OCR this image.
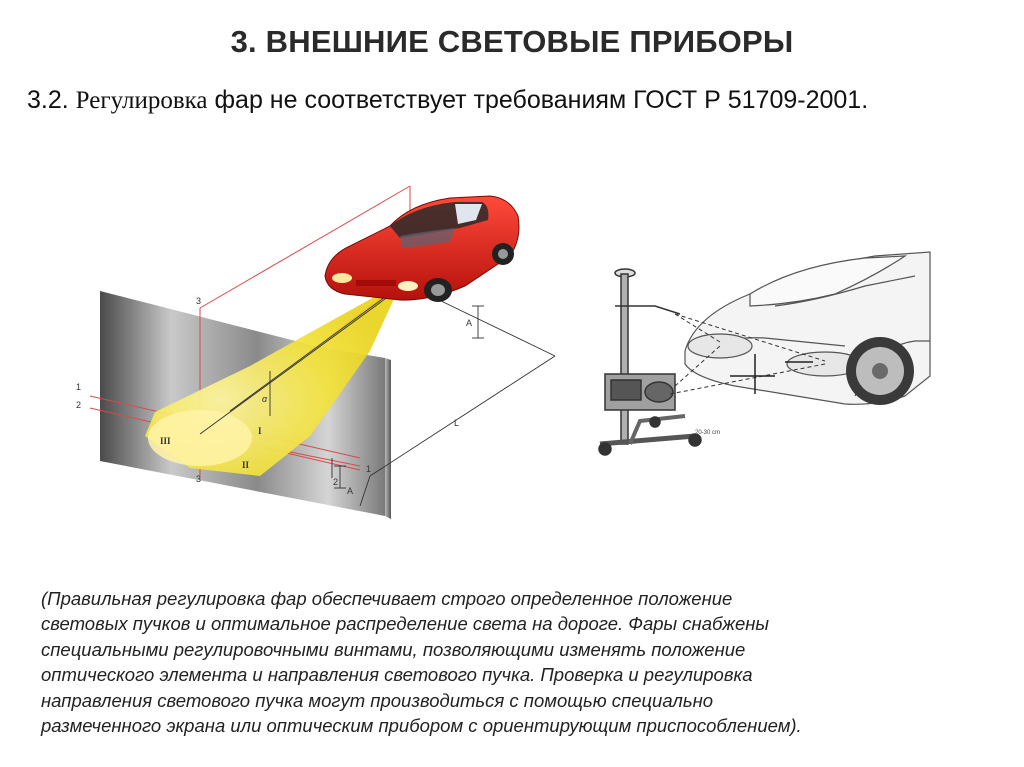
3. ВНЕШНИЕ СВЕТОВЫЕ ПРИБОРЫ
3.2. Регулировка фар не соответствует требованиям ГОСТ Р 51709-2001.
3
3
1
2
A
A
L
2
1
III
II
I
α
20-30 cm
(Правильная регулировка фар обеспечивает строго определенное положение
световых пучков и оптимальное распределение света на дороге. Фары снабжены
специальными регулировочными винтами, позволяющими изменять положение
оптического элемента и направления светового пучка. Проверка и регулировка
направления светового пучка могут производиться с помощью специально
размеченного экрана или оптическим прибором с ориентирующим приспособлением).
